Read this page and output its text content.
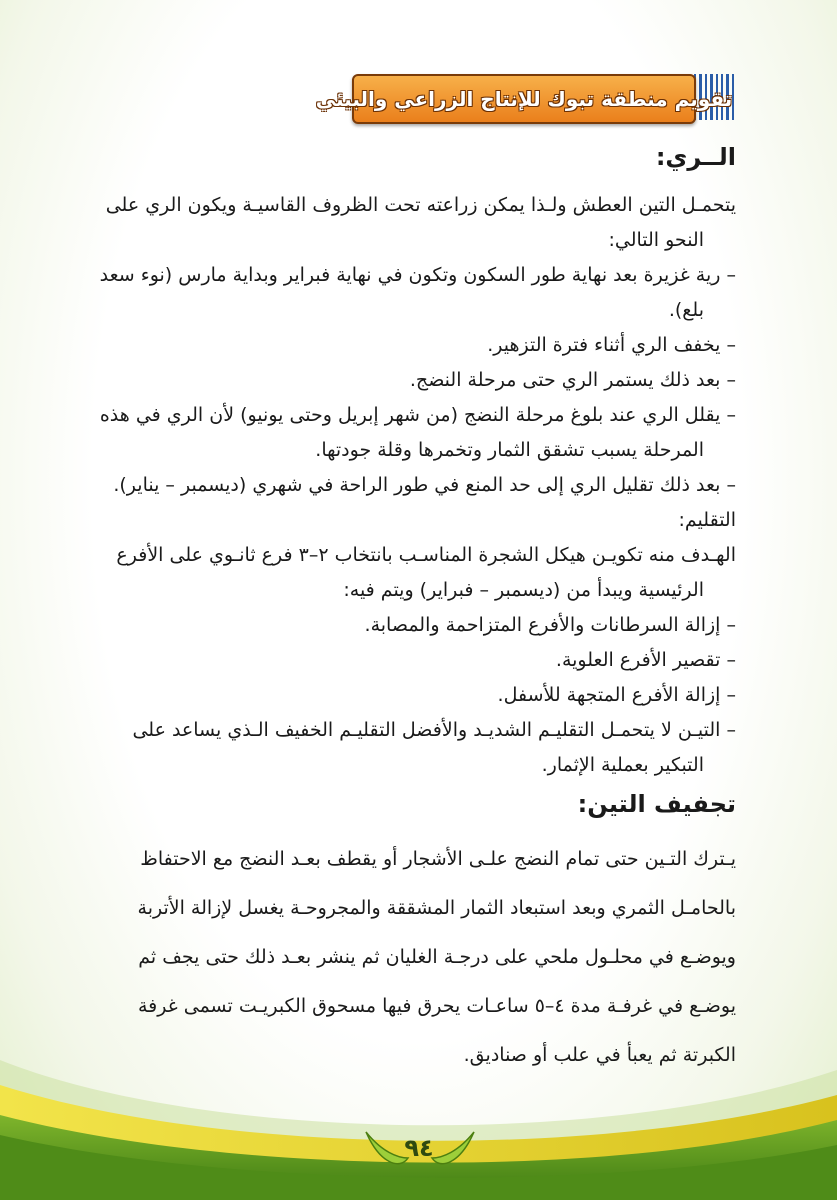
تقويم منطقة تبوك للإنتاج الزراعي والبيئي
الــري:
يتحمـل التين العطش ولـذا يمكن زراعته تحت الظروف القاسيـة ويكون الري على
النحو التالي:
– رية غزيرة بعد نهاية طور السكون وتكون في نهاية فبراير وبداية مارس (نوء سعد
بلع).
– يخفف الري أثناء فترة التزهير.
– بعد ذلك يستمر الري حتى مرحلة النضج.
– يقلل الري عند بلوغ مرحلة النضج (من شهر إبريل وحتى يونيو) لأن الري في هذه
المرحلة يسبب تشقق الثمار وتخمرها وقلة جودتها.
– بعد ذلك تقليل الري إلى حد المنع في طور الراحة في شهري (ديسمبر – يناير).
التقليم:
الهـدف منه تكويـن هيكل الشجرة المناسـب بانتخاب ٢–٣ فرع ثانـوي على الأفرع
الرئيسية ويبدأ من (ديسمبر – فبراير) ويتم فيه:
– إزالة السرطانات والأفرع المتزاحمة والمصابة.
– تقصير الأفرع العلوية.
– إزالة الأفرع المتجهة للأسفل.
– التيـن لا يتحمـل التقليـم الشديـد والأفضل التقليـم الخفيف الـذي يساعد على
التبكير بعملية الإثمار.
تجفيف التين:
يـترك التـين حتى تمام النضج علـى الأشجار أو يقطف بعـد النضج مع الاحتفاظ
بالحامـل الثمري وبعد استبعاد الثمار المشققة والمجروحـة يغسل لإزالة الأتربة
ويوضـع في محلـول ملحي على درجـة الغليان ثم ينشر بعـد ذلك حتى يجف ثم
يوضـع في غرفـة مدة ٤–٥ ساعـات يحرق فيها مسحوق الكبريـت تسمى غرفة
الكبرتة ثم يعبأ في علب أو صناديق.
٩٤
